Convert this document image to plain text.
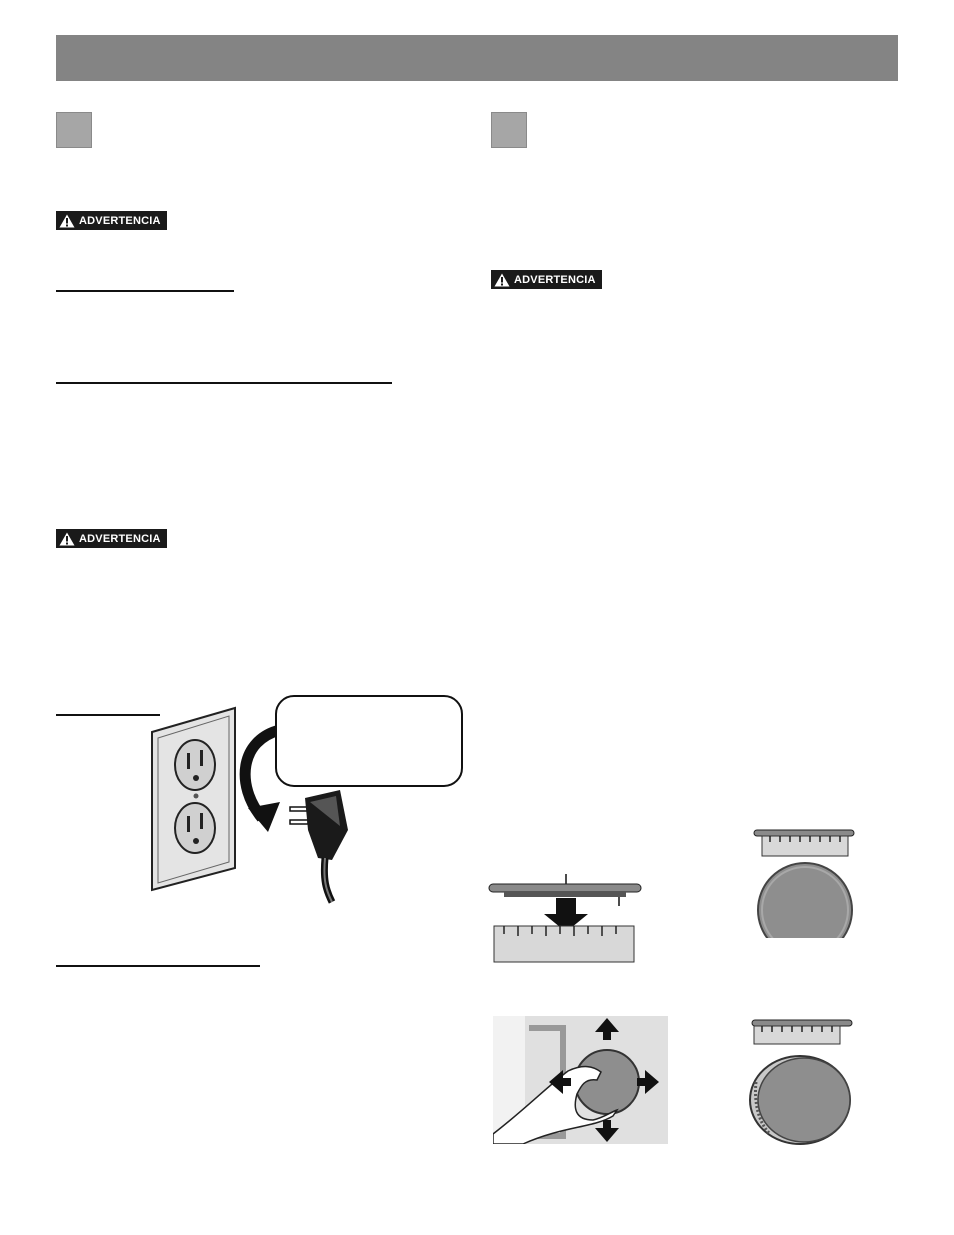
ADVERTENCIA
ADVERTENCIA
ADVERTENCIA
